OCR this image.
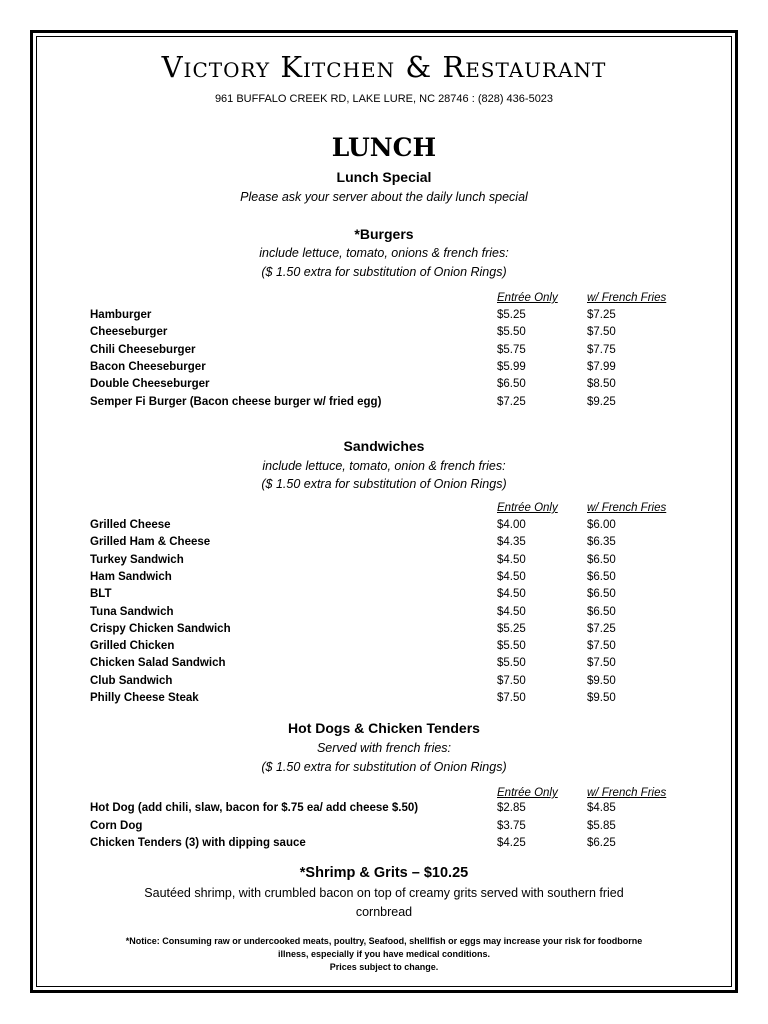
Victory Kitchen & Restaurant
961 BUFFALO CREEK RD, LAKE LURE, NC 28746 : (828) 436-5023
LUNCH
Lunch Special
Please ask your server about the daily lunch special
*Burgers
include lettuce, tomato, onions & french fries:
($ 1.50 extra for substitution of Onion Rings)
Entrée Only	w/ French Fries
Hamburger	$5.25	$7.25
Cheeseburger	$5.50	$7.50
Chili Cheeseburger	$5.75	$7.75
Bacon Cheeseburger	$5.99	$7.99
Double Cheeseburger	$6.50	$8.50
Semper Fi Burger (Bacon cheese burger w/ fried egg)	$7.25	$9.25
Sandwiches
include lettuce, tomato, onion & french fries:
($ 1.50 extra for substitution of Onion Rings)
Entrée Only	w/ French Fries
Grilled Cheese	$4.00	$6.00
Grilled Ham & Cheese	$4.35	$6.35
Turkey Sandwich	$4.50	$6.50
Ham Sandwich	$4.50	$6.50
BLT	$4.50	$6.50
Tuna Sandwich	$4.50	$6.50
Crispy Chicken Sandwich	$5.25	$7.25
Grilled Chicken	$5.50	$7.50
Chicken Salad Sandwich	$5.50	$7.50
Club Sandwich	$7.50	$9.50
Philly Cheese Steak	$7.50	$9.50
Hot Dogs & Chicken Tenders
Served with french fries:
($ 1.50 extra for substitution of Onion Rings)
Entrée Only	w/ French Fries
Hot Dog (add chili, slaw, bacon for $.75 ea/ add cheese $.50)	$2.85	$4.85
Corn Dog	$3.75	$5.85
Chicken Tenders (3) with dipping sauce	$4.25	$6.25
*Shrimp & Grits – $10.25
Sautéed shrimp, with crumbled bacon on top of creamy grits served with southern fried
cornbread
*Notice: Consuming raw or undercooked meats, poultry, Seafood, shellfish or eggs may increase your risk for foodborne
illness, especially if you have medical conditions.
Prices subject to change.
